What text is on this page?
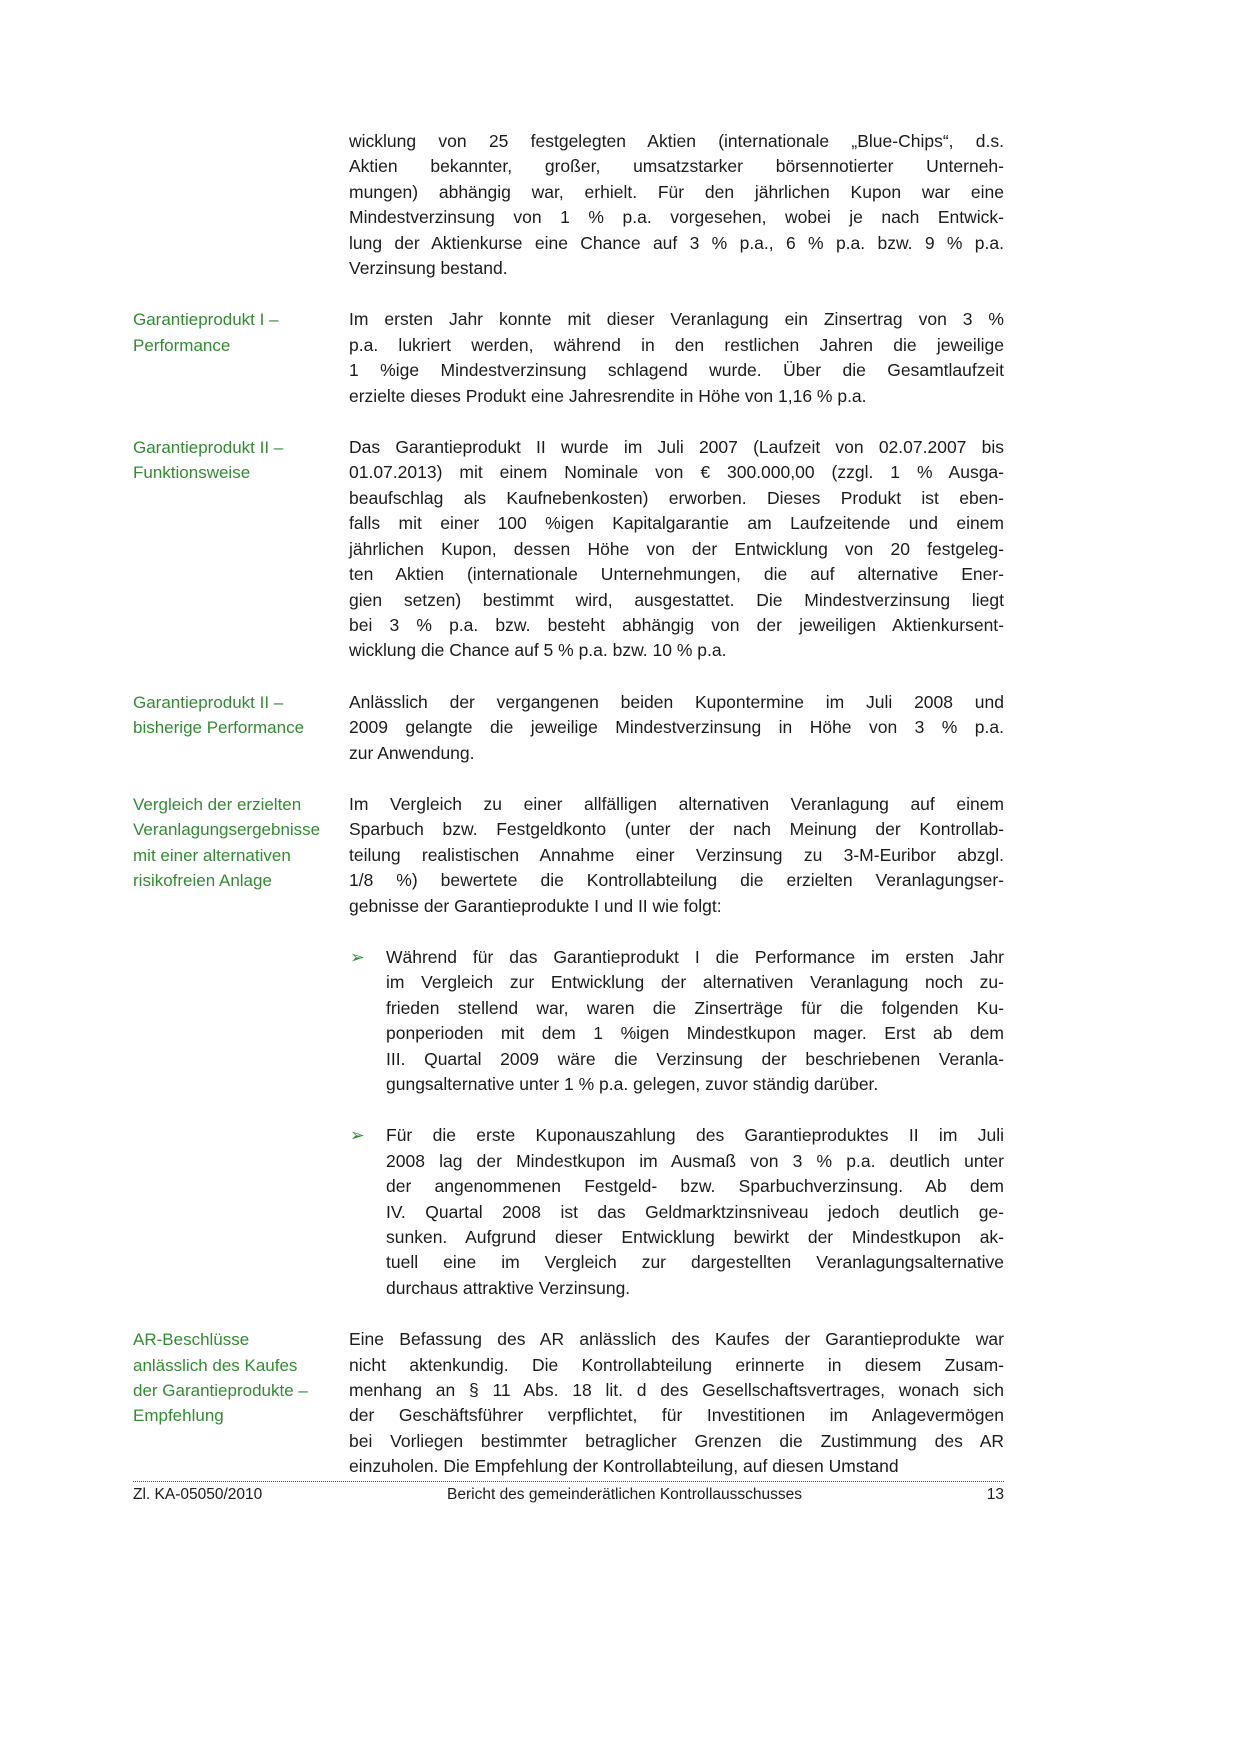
wicklung von 25 festgelegten Aktien (internationale „Blue-Chips“, d.s.
Aktien bekannter, großer, umsatzstarker börsennotierter Unterneh-
mungen) abhängig war, erhielt. Für den jährlichen Kupon war eine
Mindestverzinsung von 1 % p.a. vorgesehen, wobei je nach Entwick-
lung der Aktienkurse eine Chance auf 3 % p.a., 6 % p.a. bzw. 9 % p.a.
Verzinsung bestand.
Garantieprodukt I –
Performance
Im ersten Jahr konnte mit dieser Veranlagung ein Zinsertrag von 3 %
p.a. lukriert werden, während in den restlichen Jahren die jeweilige
1 %ige Mindestverzinsung schlagend wurde. Über die Gesamtlaufzeit
erzielte dieses Produkt eine Jahresrendite in Höhe von 1,16 % p.a.
Garantieprodukt II –
Funktionsweise
Das Garantieprodukt II wurde im Juli 2007 (Laufzeit von 02.07.2007 bis
01.07.2013) mit einem Nominale von € 300.000,00 (zzgl. 1 % Ausga-
beaufschlag als Kaufnebenkosten) erworben. Dieses Produkt ist eben-
falls mit einer 100 %igen Kapitalgarantie am Laufzeitende und einem
jährlichen Kupon, dessen Höhe von der Entwicklung von 20 festgeleg-
ten Aktien (internationale Unternehmungen, die auf alternative Ener-
gien setzen) bestimmt wird, ausgestattet. Die Mindestverzinsung liegt
bei 3 % p.a. bzw. besteht abhängig von der jeweiligen Aktienkursent-
wicklung die Chance auf 5 % p.a. bzw. 10 % p.a.
Garantieprodukt II –
bisherige Performance
Anlässlich der vergangenen beiden Kupontermine im Juli 2008 und
2009 gelangte die jeweilige Mindestverzinsung in Höhe von 3 % p.a.
zur Anwendung.
Vergleich der erzielten
Veranlagungsergebnisse
mit einer alternativen
risikofreien Anlage
Im Vergleich zu einer allfälligen alternativen Veranlagung auf einem
Sparbuch bzw. Festgeldkonto (unter der nach Meinung der Kontrollab-
teilung realistischen Annahme einer Verzinsung zu 3-M-Euribor abzgl.
1/8 %) bewertete die Kontrollabteilung die erzielten Veranlagungser-
gebnisse der Garantieprodukte I und II wie folgt:
➢	Während für das Garantieprodukt I die Performance im ersten Jahr
im Vergleich zur Entwicklung der alternativen Veranlagung noch zu-
frieden stellend war, waren die Zinserträge für die folgenden Ku-
ponperioden mit dem 1 %igen Mindestkupon mager. Erst ab dem
III. Quartal 2009 wäre die Verzinsung der beschriebenen Veranla-
gungsalternative unter 1 % p.a. gelegen, zuvor ständig darüber.
➢	Für die erste Kuponauszahlung des Garantieproduktes II im Juli
2008 lag der Mindestkupon im Ausmaß von 3 % p.a. deutlich unter
der angenommenen Festgeld- bzw. Sparbuchverzinsung. Ab dem
IV. Quartal 2008 ist das Geldmarktzinsniveau jedoch deutlich ge-
sunken. Aufgrund dieser Entwicklung bewirkt der Mindestkupon ak-
tuell eine im Vergleich zur dargestellten Veranlagungsalternative
durchaus attraktive Verzinsung.
AR-Beschlüsse
anlässlich des Kaufes
der Garantieprodukte –
Empfehlung
Eine Befassung des AR anlässlich des Kaufes der Garantieprodukte war
nicht aktenkundig. Die Kontrollabteilung erinnerte in diesem Zusam-
menhang an § 11 Abs. 18 lit. d des Gesellschaftsvertrages, wonach sich
der Geschäftsführer verpflichtet, für Investitionen im Anlagevermögen
bei Vorliegen bestimmter betraglicher Grenzen die Zustimmung des AR
einzuholen. Die Empfehlung der Kontrollabteilung, auf diesen Umstand
Zl. KA-05050/2010	Bericht des gemeinderätlichen Kontrollausschusses	13
